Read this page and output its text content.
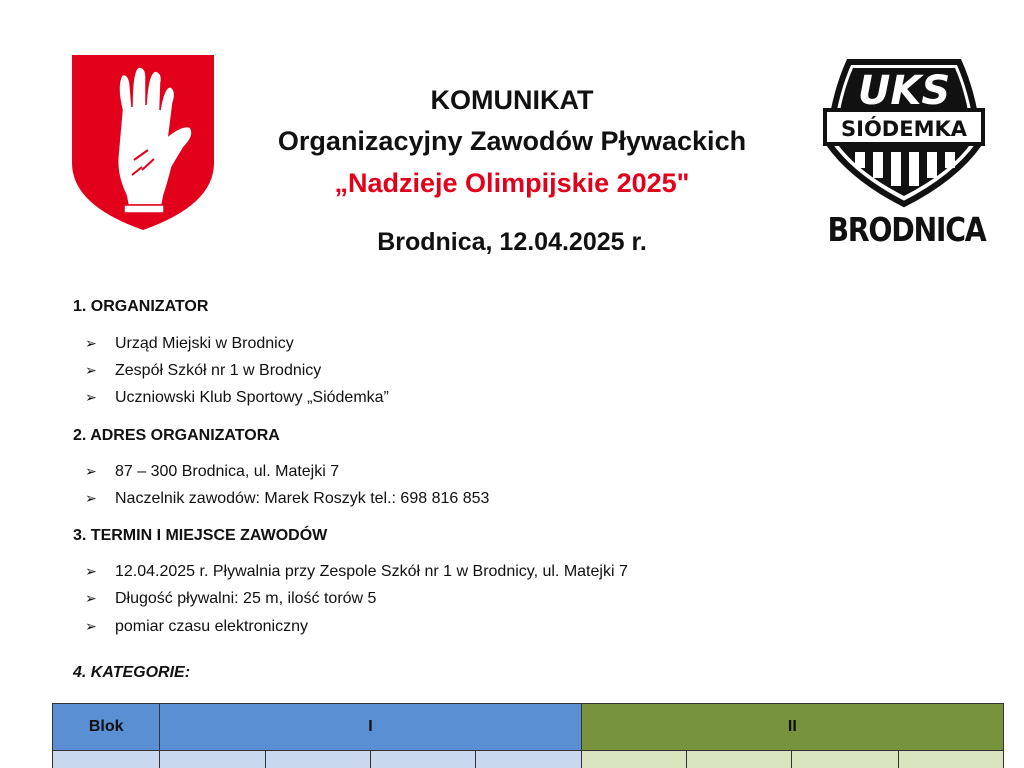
UKS
SIÓDEMKA
BRODNICA
KOMUNIKAT
Organizacyjny Zawodów Pływackich
„Nadzieje Olimpijskie 2025"
Brodnica, 12.04.2025 r.
1. ORGANIZATOR
➢ Urząd Miejski w Brodnicy
➢ Zespół Szkół nr 1 w Brodnicy
➢ Uczniowski Klub Sportowy „Siódemka”
2. ADRES ORGANIZATORA
➢ 87 – 300 Brodnica, ul. Matejki 7
➢ Naczelnik zawodów: Marek Roszyk tel.: 698 816 853
3. TERMIN I MIEJSCE ZAWODÓW
➢ 12.04.2025 r. Pływalnia przy Zespole Szkół nr 1 w Brodnicy, ul. Matejki 7
➢ Długość pływalni: 25 m, ilość torów 5
➢ pomiar czasu elektroniczny
4. KATEGORIE:
Blok	I				II			
